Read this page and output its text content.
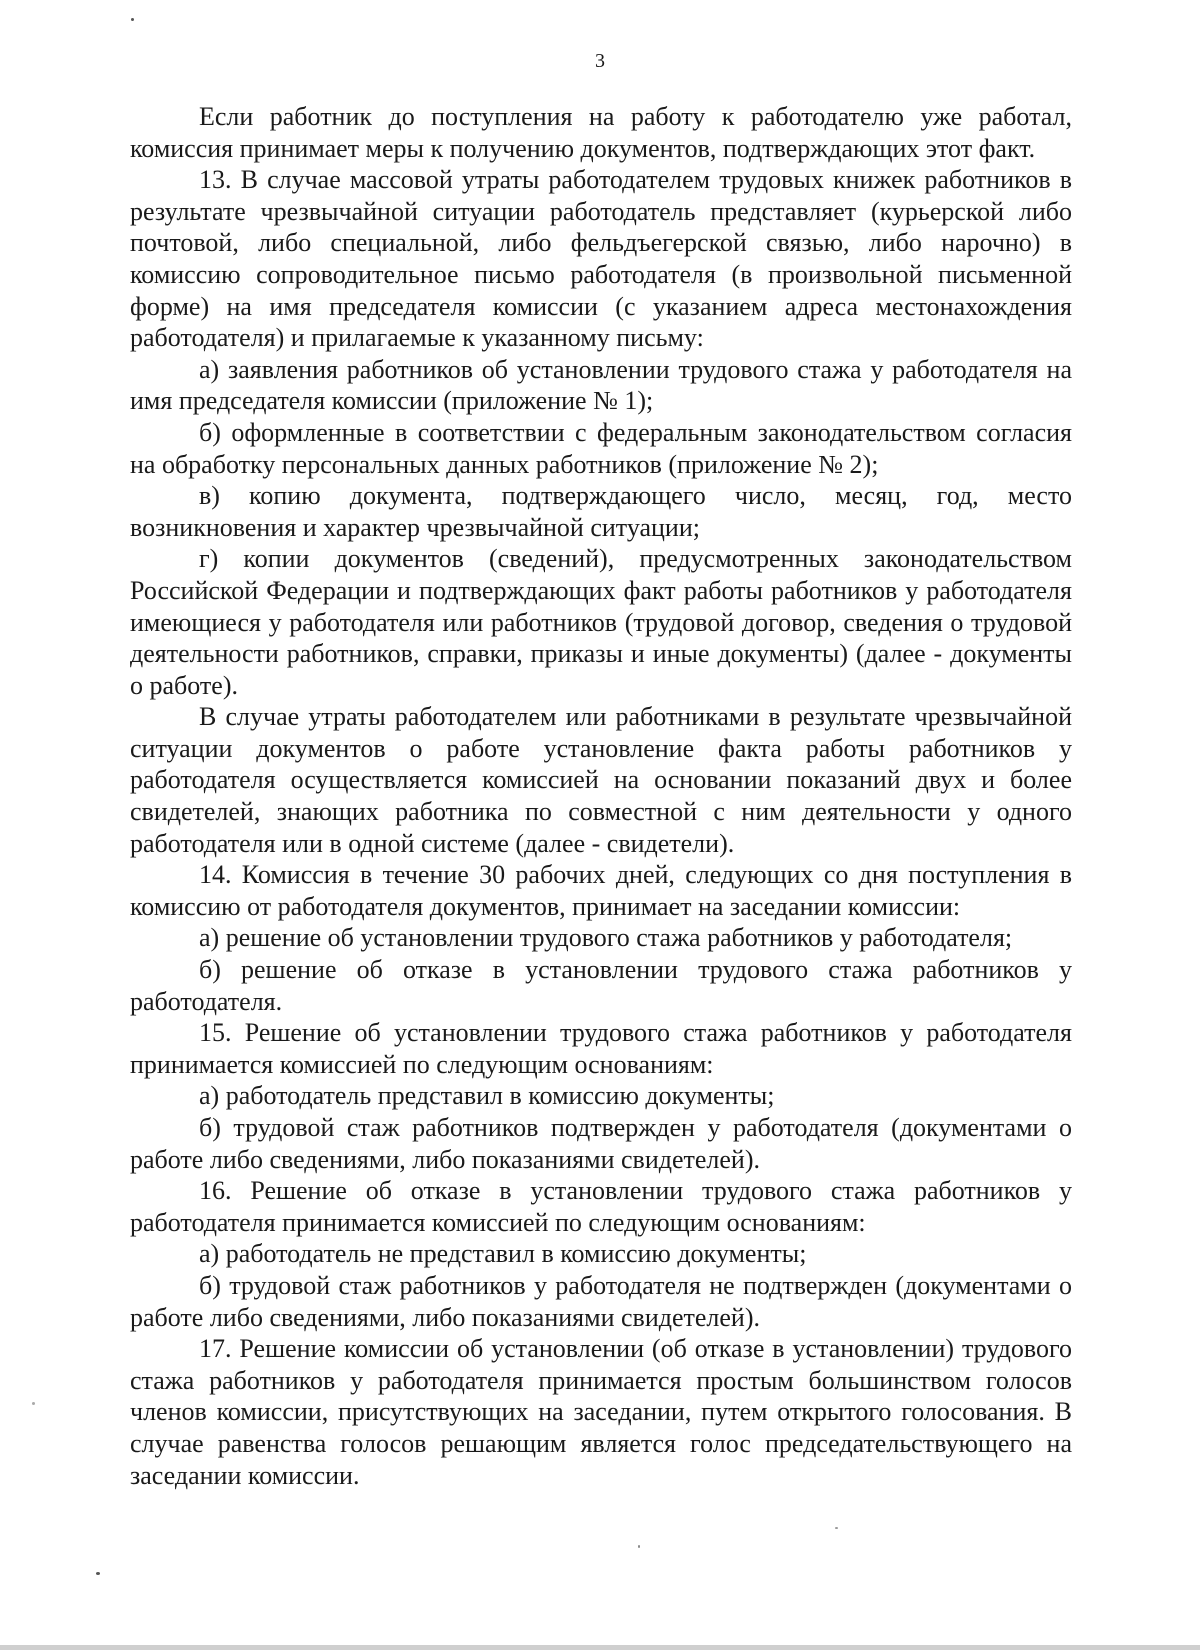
3

Если работник до поступления на работу к работодателю уже работал, комиссия принимает меры к получению документов, подтверждающих этот факт.

13. В случае массовой утраты работодателем трудовых книжек работников в результате чрезвычайной ситуации работодатель представляет (курьерской либо почтовой, либо специальной, либо фельдъегерской связью, либо нарочно) в комиссию сопроводительное письмо работодателя (в произвольной письменной форме) на имя председателя комиссии (с указанием адреса местонахождения работодателя) и прилагаемые к указанному письму:

а) заявления работников об установлении трудового стажа у работодателя на имя председателя комиссии (приложение № 1);

б) оформленные в соответствии с федеральным законодательством согласия на обработку персональных данных работников (приложение № 2);

в) копию документа, подтверждающего число, месяц, год, место возникновения и характер чрезвычайной ситуации;

г) копии документов (сведений), предусмотренных законодательством Российской Федерации и подтверждающих факт работы работников у работодателя имеющиеся у работодателя или работников (трудовой договор, сведения о трудовой деятельности работников, справки, приказы и иные документы) (далее - документы о работе).

В случае утраты работодателем или работниками в результате чрезвычайной ситуации документов о работе установление факта работы работников у работодателя осуществляется комиссией на основании показаний двух и более свидетелей, знающих работника по совместной с ним деятельности у одного работодателя или в одной системе (далее - свидетели).

14. Комиссия в течение 30 рабочих дней, следующих со дня поступления в комиссию от работодателя документов, принимает на заседании комиссии:

а) решение об установлении трудового стажа работников у работодателя;

б) решение об отказе в установлении трудового стажа работников у работодателя.

15. Решение об установлении трудового стажа работников у работодателя принимается комиссией по следующим основаниям:

а) работодатель представил в комиссию документы;

б) трудовой стаж работников подтвержден у работодателя (документами о работе либо сведениями, либо показаниями свидетелей).

16. Решение об отказе в установлении трудового стажа работников у работодателя принимается комиссией по следующим основаниям:

а) работодатель не представил в комиссию документы;

б) трудовой стаж работников у работодателя не подтвержден (документами о работе либо сведениями, либо показаниями свидетелей).

17. Решение комиссии об установлении (об отказе в установлении) трудового стажа работников у работодателя принимается простым большинством голосов членов комиссии, присутствующих на заседании, путем открытого голосования. В случае равенства голосов решающим является голос председательствующего на заседании комиссии.
